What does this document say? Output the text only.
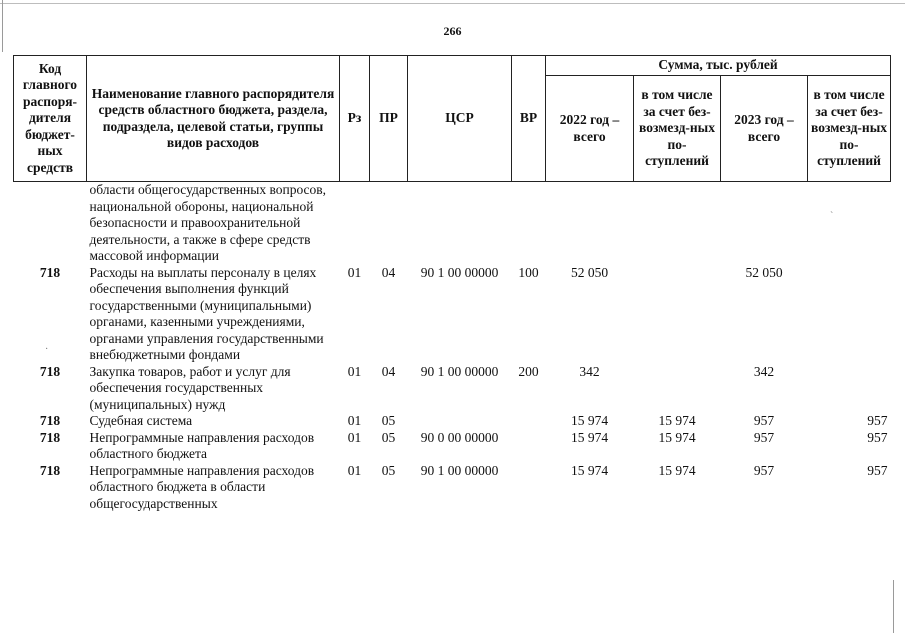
·
`
266
Код главного распоря-дителя бюджет-ных средств	Наименование главного распорядителя средств областного бюджета, раздела, подраздела, целевой статьи, группы видов расходов	Рз	ПР	ЦСР	ВР	Сумма, тыс. рублей			
						2022 год – всего	в том числе за счет без-возмезд-ных по-ступлений	2023 год – всего	в том числе за счет без-возмезд-ных по-ступлений
	области общегосударственных вопросов, национальной обороны, национальной безопасности и правоохранительной деятельности, а также в сфере средств массовой информации								
718	Расходы на выплаты персоналу в целях обеспечения выполнения функций государственными (муниципальными) органами, казенными учреждениями, органами управления государственными внебюджетными фондами	01	04	90 1 00 00000	100	52 050		52 050	
718	Закупка товаров, работ и услуг для обеспечения государственных (муниципальных) нужд	01	04	90 1 00 00000	200	342		342	
718	Судебная система	01	05			15 974	15 974	957	957
718	Непрограммные направления расходов областного бюджета	01	05	90 0 00 00000		15 974	15 974	957	957
718	Непрограммные направления расходов областного бюджета в области общегосударственных	01	05	90 1 00 00000		15 974	15 974	957	957
